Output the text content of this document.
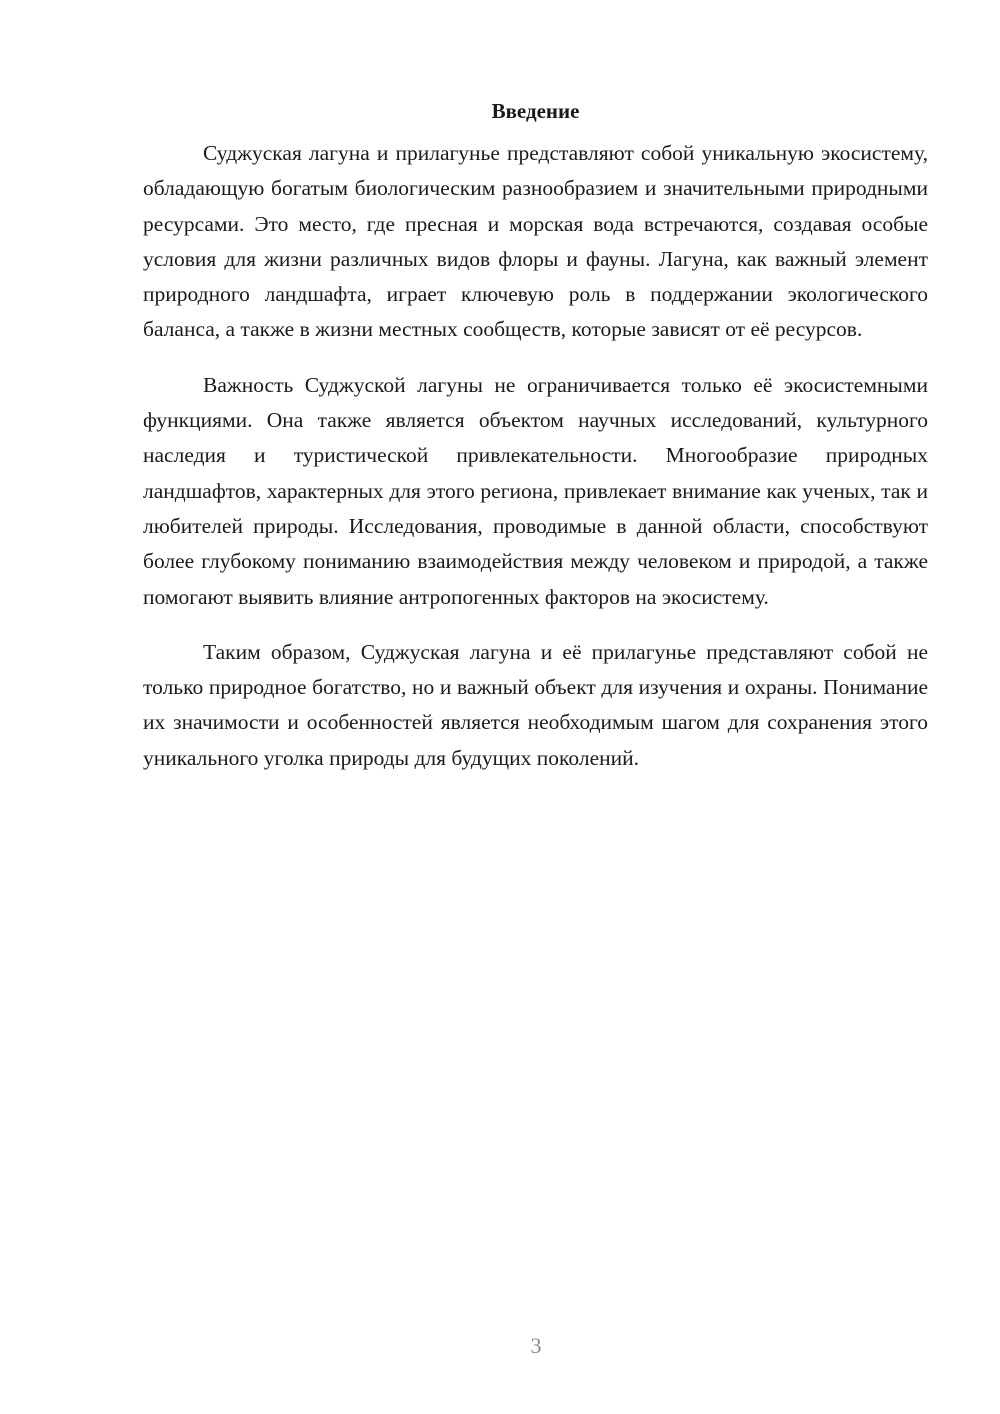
Введение

Суджуская лагуна и прилагунье представляют собой уникальную экосистему, обладающую богатым биологическим разнообразием и значительными природными ресурсами. Это место, где пресная и морская вода встречаются, создавая особые условия для жизни различных видов флоры и фауны. Лагуна, как важный элемент природного ландшафта, играет ключевую роль в поддержании экологического баланса, а также в жизни местных сообществ, которые зависят от её ресурсов.

Важность Суджуской лагуны не ограничивается только её экосистемными функциями. Она также является объектом научных исследований, культурного наследия и туристической привлекательности. Многообразие природных ландшафтов, характерных для этого региона, привлекает внимание как ученых, так и любителей природы. Исследования, проводимые в данной области, способствуют более глубокому пониманию взаимодействия между человеком и природой, а также помогают выявить влияние антропогенных факторов на экосистему.

Таким образом, Суджуская лагуна и её прилагунье представляют собой не только природное богатство, но и важный объект для изучения и охраны. Понимание их значимости и особенностей является необходимым шагом для сохранения этого уникального уголка природы для будущих поколений.

3
